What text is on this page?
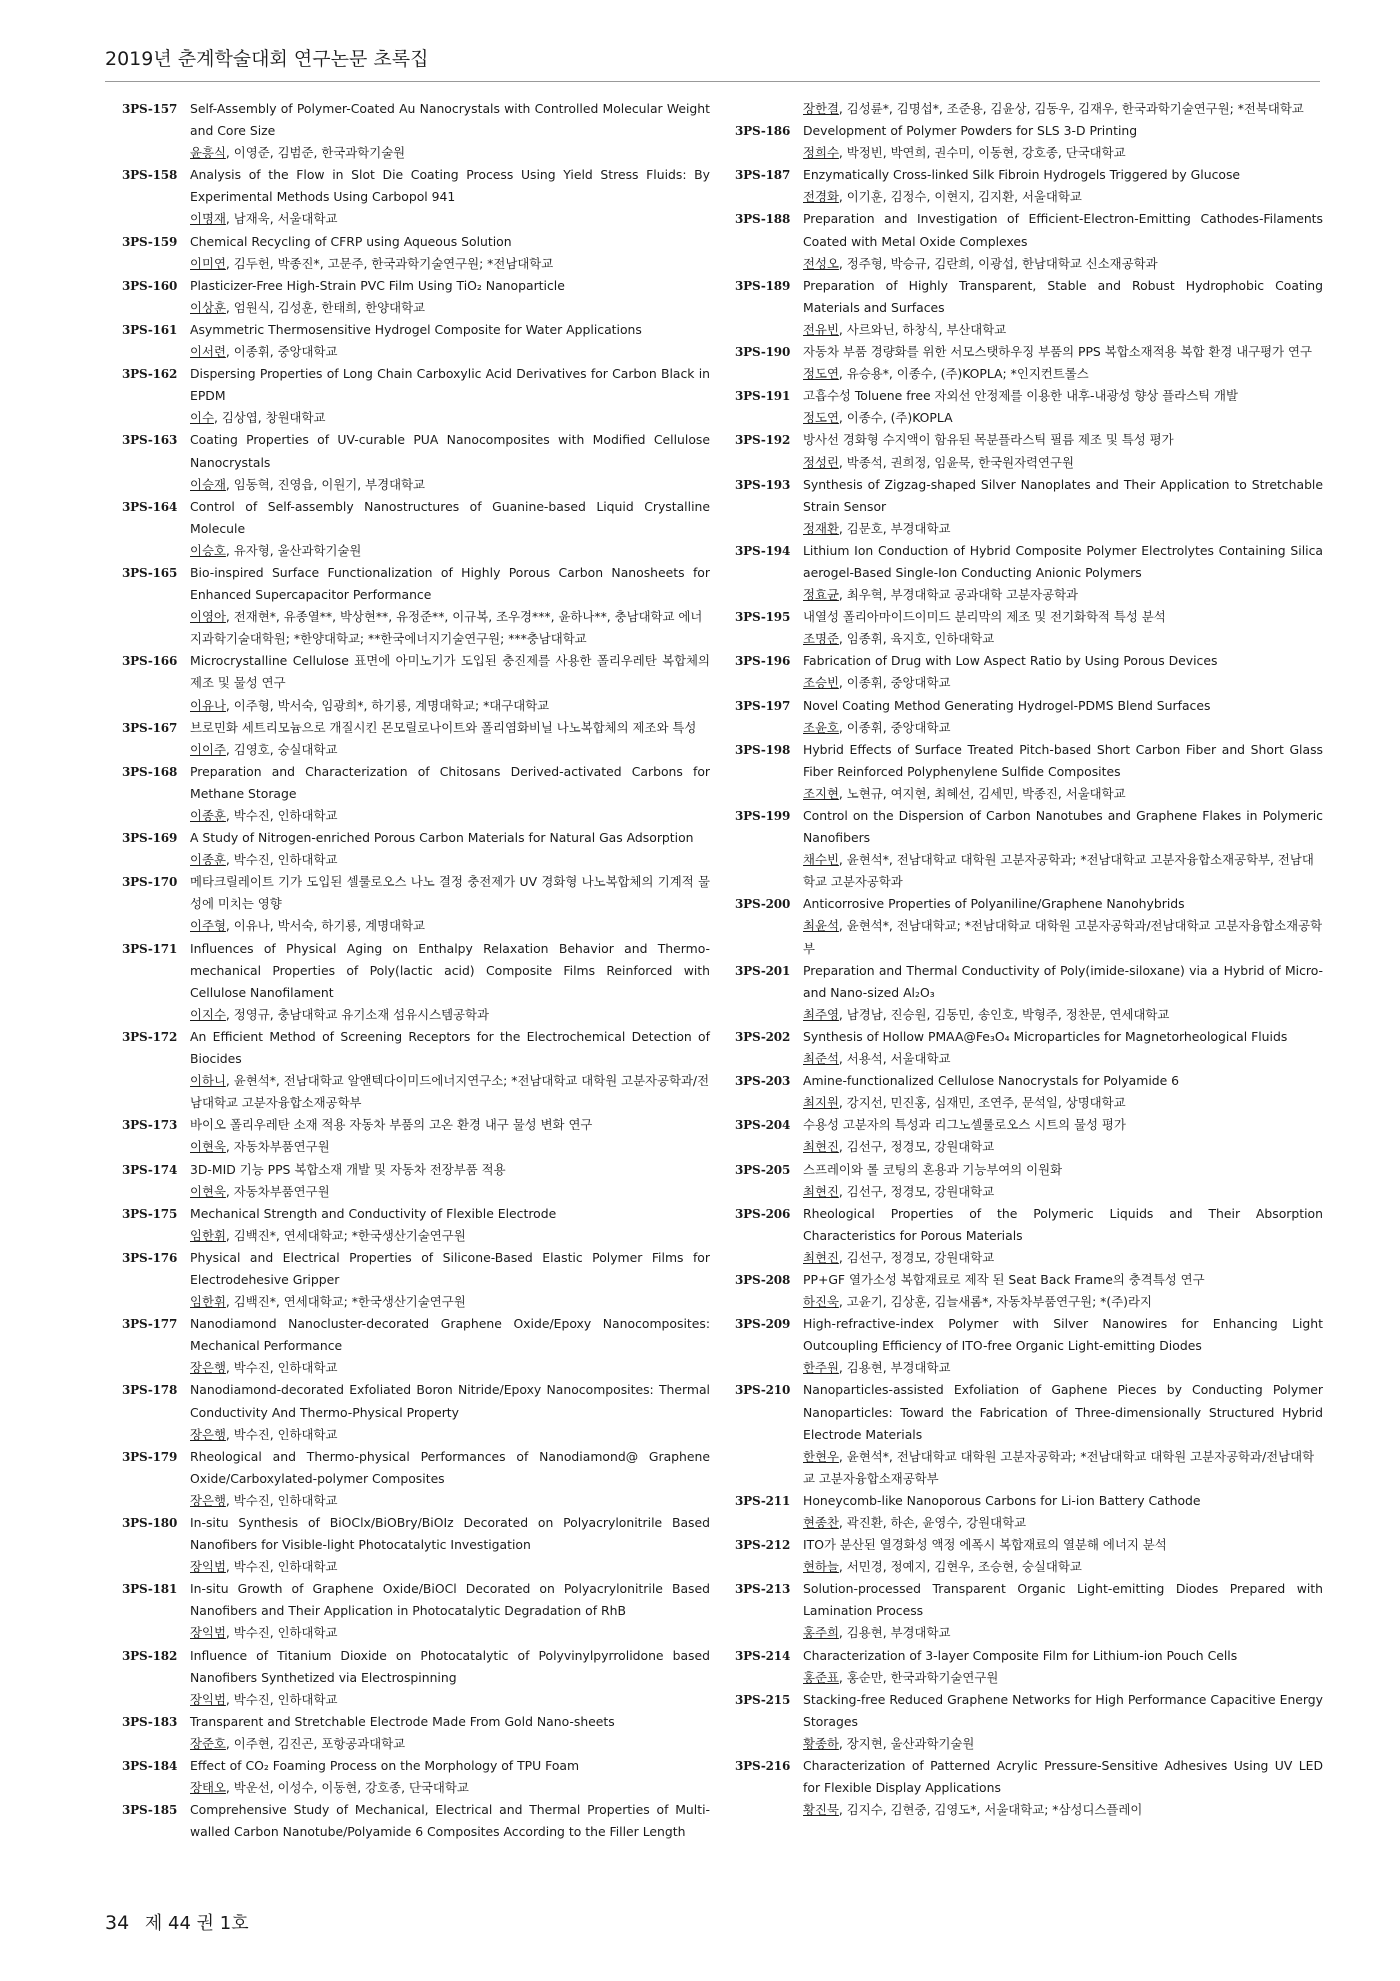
2019년 춘계학술대회 연구논문 초록집
3PS-157 Self-Assembly of Polymer-Coated Au Nanocrystals with Controlled Molecular Weight and Core Size
윤흥식, 이영준, 김범준, 한국과학기술원
3PS-158 Analysis of the Flow in Slot Die Coating Process Using Yield Stress Fluids: By Experimental Methods Using Carbopol 941
이명재, 남재욱, 서울대학교
3PS-159 Chemical Recycling of CFRP using Aqueous Solution
이미연, 김두헌, 박종진*, 고문주, 한국과학기술연구원; *전남대학교
3PS-160 Plasticizer-Free High-Strain PVC Film Using TiO₂ Nanoparticle
이상훈, 엄원식, 김성훈, 한태희, 한양대학교
3PS-161 Asymmetric Thermosensitive Hydrogel Composite for Water Applications
이서련, 이종휘, 중앙대학교
3PS-162 Dispersing Properties of Long Chain Carboxylic Acid Derivatives for Carbon Black in EPDM
이수, 김상엽, 창원대학교
3PS-163 Coating Properties of UV-curable PUA Nanocomposites with Modified Cellulose Nanocrystals
이승재, 임동혁, 진영읍, 이원기, 부경대학교
3PS-164 Control of Self-assembly Nanostructures of Guanine-based Liquid Crystalline Molecule
이승호, 유자형, 울산과학기술원
3PS-165 Bio-inspired Surface Functionalization of Highly Porous Carbon Nanosheets for Enhanced Supercapacitor Performance
이영아, 전재현*, 유종열**, 박상현**, 유정준**, 이규복, 조우경***, 윤하나**, 충남대학교 에너지과학기술대학원; *한양대학교; **한국에너지기술연구원; ***충남대학교
3PS-166 Microcrystalline Cellulose 표면에 아미노기가 도입된 충진제를 사용한 폴리우레탄 복합체의 제조 및 물성 연구
이유나, 이주형, 박서숙, 임광희*, 하기룡, 계명대학교; *대구대학교
3PS-167 브로민화 세트리모늄으로 개질시킨 몬모릴로나이트와 폴리염화비닐 나노복합체의 제조와 특성
이이주, 김영호, 숭실대학교
3PS-168 Preparation and Characterization of Chitosans Derived-activated Carbons for Methane Storage
이종훈, 박수진, 인하대학교
3PS-169 A Study of Nitrogen-enriched Porous Carbon Materials for Natural Gas Adsorption
이종훈, 박수진, 인하대학교
3PS-170 메타크릴레이트 기가 도입된 셀룰로오스 나노 결정 충전제가 UV 경화형 나노복합체의 기계적 물성에 미치는 영향
이주형, 이유나, 박서숙, 하기룡, 계명대학교
3PS-171 Influences of Physical Aging on Enthalpy Relaxation Behavior and Thermo-mechanical Properties of Poly(lactic acid) Composite Films Reinforced with Cellulose Nanofilament
이지수, 정영규, 충남대학교 유기소재 섬유시스템공학과
3PS-172 An Efficient Method of Screening Receptors for the Electrochemical Detection of Biocides
이하니, 윤현석*, 전남대학교 알앤텍다이미드에너지연구소; *전남대학교 대학원 고분자공학과/전남대학교 고분자융합소재공학부
3PS-173 바이오 폴리우레탄 소재 적용 자동차 부품의 고온 환경 내구 물성 변화 연구
이현욱, 자동차부품연구원
3PS-174 3D-MID 기능 PPS 복합소재 개발 및 자동차 전장부품 적용
이현욱, 자동차부품연구원
3PS-175 Mechanical Strength and Conductivity of Flexible Electrode
임한휘, 김백진*, 연세대학교; *한국생산기술연구원
3PS-176 Physical and Electrical Properties of Silicone-Based Elastic Polymer Films for Electrodehesive Gripper
임한휘, 김백진*, 연세대학교; *한국생산기술연구원
3PS-177 Nanodiamond Nanocluster-decorated Graphene Oxide/Epoxy Nanocomposites: Mechanical Performance
장은행, 박수진, 인하대학교
3PS-178 Nanodiamond-decorated Exfoliated Boron Nitride/Epoxy Nanocomposites: Thermal Conductivity And Thermo-Physical Property
장은행, 박수진, 인하대학교
3PS-179 Rheological and Thermo-physical Performances of Nanodiamond@ Graphene Oxide/Carboxylated-polymer Composites
장은행, 박수진, 인하대학교
3PS-180 In-situ Synthesis of BiOClx/BiOBry/BiOIz Decorated on Polyacrylonitrile Based Nanofibers for Visible-light Photocatalytic Investigation
장익범, 박수진, 인하대학교
3PS-181 In-situ Growth of Graphene Oxide/BiOCl Decorated on Polyacrylonitrile Based Nanofibers and Their Application in Photocatalytic Degradation of RhB
장익범, 박수진, 인하대학교
3PS-182 Influence of Titanium Dioxide on Photocatalytic of Polyvinylpyrrolidone based Nanofibers Synthetized via Electrospinning
장익범, 박수진, 인하대학교
3PS-183 Transparent and Stretchable Electrode Made From Gold Nano-sheets
장준호, 이주현, 김진곤, 포항공과대학교
3PS-184 Effect of CO₂ Foaming Process on the Morphology of TPU Foam
장태오, 박운선, 이성수, 이동현, 강호종, 단국대학교
3PS-185 Comprehensive Study of Mechanical, Electrical and Thermal Properties of Multi-walled Carbon Nanotube/Polyamide 6 Composites According to the Filler Length
장한결, 김성륜*, 김명섭*, 조준용, 김윤상, 김동우, 김재우, 한국과학기술연구원; *전북대학교
3PS-186 Development of Polymer Powders for SLS 3-D Printing
정희수, 박정빈, 박연희, 권수미, 이동현, 강호종, 단국대학교
3PS-187 Enzymatically Cross-linked Silk Fibroin Hydrogels Triggered by Glucose
전경화, 이기훈, 김정수, 이현지, 김지환, 서울대학교
3PS-188 Preparation and Investigation of Efficient-Electron-Emitting Cathodes-Filaments Coated with Metal Oxide Complexes
전성오, 정주형, 박승규, 김란희, 이광섭, 한남대학교 신소재공학과
3PS-189 Preparation of Highly Transparent, Stable and Robust Hydrophobic Coating Materials and Surfaces
전유빈, 사르와닌, 하창식, 부산대학교
3PS-190 자동차 부품 경량화를 위한 서모스탯하우징 부품의 PPS 복합소재적용 복합 환경 내구평가 연구
정도연, 유승용*, 이종수, (주)KOPLA; *인지컨트롤스
3PS-191 고흡수성 Toluene free 자외선 안정제를 이용한 내후-내광성 향상 플라스틱 개발
정도연, 이종수, (주)KOPLA
3PS-192 방사선 경화형 수지액이 함유된 목분플라스틱 필름 제조 및 특성 평가
정성린, 박종석, 권희정, 임윤묵, 한국원자력연구원
3PS-193 Synthesis of Zigzag-shaped Silver Nanoplates and Their Application to Stretchable Strain Sensor
정재환, 김문호, 부경대학교
3PS-194 Lithium Ion Conduction of Hybrid Composite Polymer Electrolytes Containing Silica aerogel-Based Single-Ion Conducting Anionic Polymers
정효균, 최우혁, 부경대학교 공과대학 고분자공학과
3PS-195 내열성 폴리아마이드이미드 분리막의 제조 및 전기화학적 특성 분석
조명준, 임종휘, 육지호, 인하대학교
3PS-196 Fabrication of Drug with Low Aspect Ratio by Using Porous Devices
조승빈, 이종휘, 중앙대학교
3PS-197 Novel Coating Method Generating Hydrogel-PDMS Blend Surfaces
조윤호, 이종휘, 중앙대학교
3PS-198 Hybrid Effects of Surface Treated Pitch-based Short Carbon Fiber and Short Glass Fiber Reinforced Polyphenylene Sulfide Composites
조지현, 노현규, 여지현, 최혜선, 김세민, 박종진, 서울대학교
3PS-199 Control on the Dispersion of Carbon Nanotubes and Graphene Flakes in Polymeric Nanofibers
채수빈, 윤현석*, 전남대학교 대학원 고분자공학과; *전남대학교 고분자융합소재공학부, 전남대학교 고분자공학과
3PS-200 Anticorrosive Properties of Polyaniline/Graphene Nanohybrids
최윤석, 윤현석*, 전남대학교; *전남대학교 대학원 고분자공학과/전남대학교 고분자융합소재공학부
3PS-201 Preparation and Thermal Conductivity of Poly(imide-siloxane) via a Hybrid of Micro- and Nano-sized Al₂O₃
최주영, 남경남, 진승원, 김동민, 송인호, 박형주, 정찬문, 연세대학교
3PS-202 Synthesis of Hollow PMAA@Fe₃O₄ Microparticles for Magnetorheological Fluids
최준석, 서용석, 서울대학교
3PS-203 Amine-functionalized Cellulose Nanocrystals for Polyamide 6
최지원, 강지선, 민진홍, 심재민, 조연주, 문석일, 상명대학교
3PS-204 수용성 고분자의 특성과 리그노셀룰로오스 시트의 물성 평가
최현진, 김선구, 정경모, 강원대학교
3PS-205 스프레이와 롤 코팅의 혼용과 기능부여의 이원화
최현진, 김선구, 정경모, 강원대학교
3PS-206 Rheological Properties of the Polymeric Liquids and Their Absorption Characteristics for Porous Materials
최현진, 김선구, 정경모, 강원대학교
3PS-208 PP+GF 열가소성 복합재료로 제작 된 Seat Back Frame의 충격특성 연구
하진욱, 고윤기, 김상훈, 김늘새롬*, 자동차부품연구원; *(주)라지
3PS-209 High-refractive-index Polymer with Silver Nanowires for Enhancing Light Outcoupling Efficiency of ITO-free Organic Light-emitting Diodes
한주원, 김용현, 부경대학교
3PS-210 Nanoparticles-assisted Exfoliation of Gaphene Pieces by Conducting Polymer Nanoparticles: Toward the Fabrication of Three-dimensionally Structured Hybrid Electrode Materials
한현우, 윤현석*, 전남대학교 대학원 고분자공학과; *전남대학교 대학원 고분자공학과/전남대학교 고분자융합소재공학부
3PS-211 Honeycomb-like Nanoporous Carbons for Li-ion Battery Cathode
현종찬, 곽진환, 하손, 윤영수, 강원대학교
3PS-212 ITO가 분산된 열경화성 액정 에폭시 복합재료의 열분해 에너지 분석
현하늘, 서민경, 정예지, 김현우, 조승현, 숭실대학교
3PS-213 Solution-processed Transparent Organic Light-emitting Diodes Prepared with Lamination Process
홍주희, 김용현, 부경대학교
3PS-214 Characterization of 3-layer Composite Film for Lithium-ion Pouch Cells
홍준표, 홍순만, 한국과학기술연구원
3PS-215 Stacking-free Reduced Graphene Networks for High Performance Capacitive Energy Storages
황종하, 장지현, 울산과학기술원
3PS-216 Characterization of Patterned Acrylic Pressure-Sensitive Adhesives Using UV LED for Flexible Display Applications
황진묵, 김지수, 김현중, 김영도*, 서울대학교; *삼성디스플레이
34 제 44 권 1호
